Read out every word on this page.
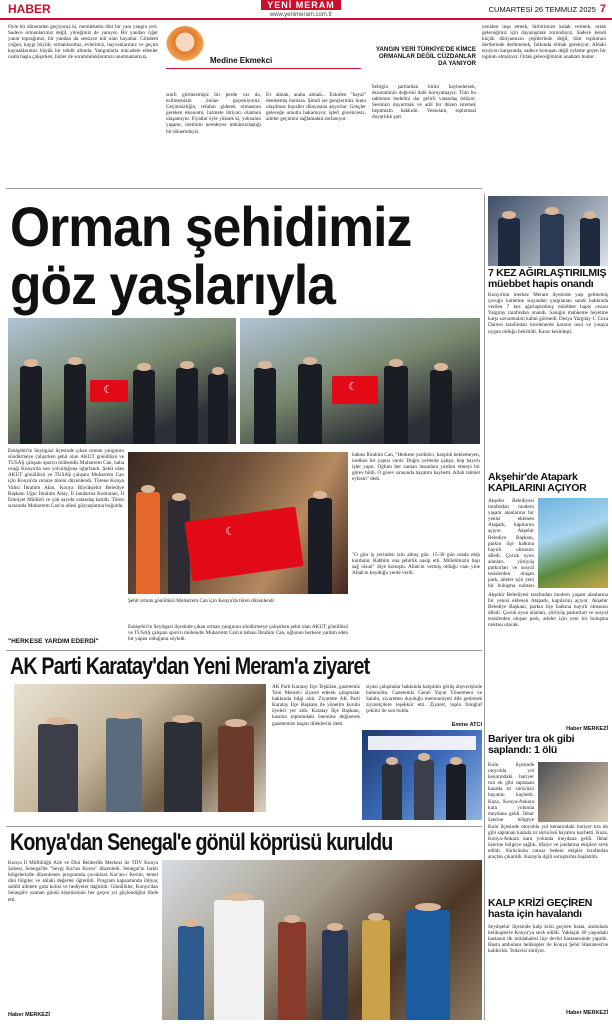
HABER	YENİ MERAM
www.yenimeram.com.tr
CUMARTESİ 26 TEMMUZ 2025 7
Öyle bir dönemden geçiyoruz ki, memleketin dört bir yanı yangın yeri. Sadece ormanlarımız değil, yüreğimiz de yanıyor. Bir yandan ciğer yanar toprağımız, bir yandan da sessizce kül olan hayatlar. Gündem yoğun, kaygı büyük; ormanlarımız, evlerimiz, hayvanlarımız ve geçim kaynaklarımız büyük bir tehdit altında. Yangınlarla mücadele edenler canla başla çalışırken, bizler de sorumluluklarımızı unutmamalıyız.	Medine Ekmekci
YANGIN YERİ TÜRKİYE'DE KİMCE ORMANLAR DEĞİL CÜZDANLAR DA YANIYOR
sınıfı görmezmişiz bir perde var da, ezilmemizin önüne geçemiyoruz. Geçimsizliğin, refahın giderek olmasının gereken ekonomi, hizmete ihtiyacı olanlara ulaşamıyor. Fiyatlar öyle yüksek ki, yoksulun yaşamı, üretimin neredeyse imkânsızlaştığı bir dönemdeyiz.
Ev almak, araba almak... Eskiden "hayal" denmemiş bunlara. Şimdi ise gençlerimiz bunu ulaşılmaz hayaller dünyasına atıyorlar. Gençler geleceğe umutla bakamıyor, işleri güvencesiz, aileler geçimini sağlamakta zorlanıyor.
belirgin şartlardan birini kaybedersek, ekonominin değerini dahi koruyamayız. Tüm bu tablonun bedelini dar gelirli vatandaş ödüyor. Sesimizi duyurmak ve adil bir düzen istemek hepimizin hakkıdır. Vesselam, toplumsal duyarlılık şart.
yeniden inşa etmek, birbirimize kulak vermek, ortak geleceğimiz için dayanışmak zorundayız. Sadece kendi küçük dünyamızın çeşitlerinde değil, tüm toplumun dertlerinde dertlenmek, farkında olmak gerekiyor. Ahlaki erozyon karşısında, sadece konuşan değil eyleme geçen bir toplum olmalıyız. Ortak geleceğimizin anahtarı budur.
Orman şehidimiz göz yaşlarıyla
☾
☾
Eskişehir'in Seyitgazi ilçesinde çıkan orman yangınını söndürmeye çalışırken şehit olan AKUT gönüllüsü ve TUSAŞ çalışanı sporcu mühendis Muharrem Can, baba ocağı Konya'da son yolculuğuna uğurlandı. Şehit olan AKUT gönüllüsü ve TUSAŞ çalışanı Muharrem Can için Konya'da cenaze töreni düzenlendi. Törene Konya Valisi İbrahim Akın, Konya Büyükşehir Belediye Başkanı Uğur İbrahim Altay, İl Jandarma Komutanı, İl Emniyet Müdürü ve çok sayıda vatandaş katıldı. Tören sırasında Muharrem Can'ın ailesi gözyaşlarına boğuldu.
☾
Şehit orman gönüllüsü Muharrem Can için Konya'da tören düzenlendi
Eskişehir'in Seyitgazi ilçesinde çıkan orman yangınını söndürmeye çalışırken şehit olan AKUT gönüllüsü ve TUSAŞ çalışanı sporcu mühendis Muharrem Can'ın babası İbrahim Can, oğlunun herkese yardım eden bir yapısı olduğunu söyledi.
babası İbrahim Can, "Herkese yardımcı, karşılık beklemeyen, üretken bir yapısı vardı. Doğru yerlerde çalıştı, hep hayırlı işler yaptı. Oğlum her zaman insanlara yardım etmeyi bir görev bildi. O görev sırasında hayatını kaybetti. Allah rahmet eylesin" dedi.
"O gün iş yerinden izin almış gün. 15-30 gün orada ekip kurdular. Rabbim ona şehitlik nasip etti. Milletimizin başı sağ olsun" diye konuştu. Allah'ın vermiş olduğu canı yine Allah'ın koyduğu yerde verdi.
"HERKESE YARDIM EDERDİ"
AK Parti Karatay'dan Yeni Meram'a ziyaret
AK Parti Karatay İlçe Teşkilatı, gazetemiz Yeni Meram'ı ziyaret ederek çalışmalar hakkında bilgi aldı. Ziyarette AK Parti Karatay İlçe Başkanı ile yönetim kurulu üyeleri yer aldı. Karatay İlçe Başkanı, basının toplumdaki önemine değinerek gazetemize başarı dileklerini iletti.
siyasi çalışmalar hakkında karşılıklı görüş alışverişinde bulunuldu. Gazetemiz Genel Yayın Yönetmeni ve Sahibi, ziyaretten duyduğu memnuniyeti dile getirerek ziyaretçilere teşekkür etti. Ziyaret, toplu fotoğraf çekimi ile son buldu.
Emine ATCI
Konya'dan Senegal'e gönül köprüsü kuruldu
Konya İl Müftülüğü Aile ve Dini Rehberlik Merkezi ile TDV Konya Şubesi, Senegal'de "Sevgi Kur'an Kursu" düzenledi. Senegal'in farklı bölgelerinde düzenlenen programda çocuklara Kur'an-ı Kerim, temel dini bilgiler ve ahlaki değerler öğretildi. Program kapsamında ihtiyaç sahibi ailelere gıda kolisi ve hediyeler dağıtıldı. Gönüllüler, Konya'dan Senegal'e uzanan gönül köprüsünün her geçen yıl güçlendiğini ifade etti.
Haber MERKEZİ
7 KEZ AĞIRLAŞTIRILMIŞ müebbet hapis onandı
Konya'nın merkez Meram ilçesinde yaşı gelmemiş çocuğu katletme suçundan yargılanan sanık hakkında verilen 7 kez ağırlaştırılmış müebbet hapis cezası Yargıtay tarafından onandı. Sanığın mahkeme heyetine karşı savunmaları kabul görmedi. Dosya Yargıtay 1. Ceza Dairesi tarafından incelenerek kararın usul ve yasaya uygun olduğu belirtildi. Karar kesinleşti.
Akşehir'de Atapark KAPILARINI AÇIYOR
Akşehir Belediyesi tarafından modern yaşam alanlarına bir yenisi eklenen Atapark, kapılarını açıyor. Akşehir Belediye Başkanı, parkın ilçe halkına hayırlı olmasını diledi. Çocuk oyun alanları, yürüyüş parkurları ve sosyal tesislerden oluşan park, aileler için yeni bir buluşma noktası
Akşehir Belediyesi tarafından modern yaşam alanlarına bir yenisi eklenen Atapark, kapılarını açıyor. Akşehir Belediye Başkanı, parkın ilçe halkına hayırlı olmasını diledi. Çocuk oyun alanları, yürüyüş parkurları ve sosyal tesislerden oluşan park, aileler için yeni bir buluşma noktası olacak.
Haber MERKEZİ
Bariyer tıra ok gibi saplandı: 1 ölü
Kulu ilçesinde otoyolda yol kenarındaki bariyer tıra ok gibi saplanan kazada tır sürücüsü hayatını kaybetti. Kaza, Konya-Ankara kara yolunda meydana geldi. İhbar üzerine bölgeye
Kulu ilçesinde otoyolda yol kenarındaki bariyer tıra ok gibi saplanan kazada tır sürücüsü hayatını kaybetti. Kaza, Konya-Ankara kara yolunda meydana geldi. İhbar üzerine bölgeye sağlık, itfaiye ve jandarma ekipleri sevk edildi. Sürücünün cansız bedeni ekipler tarafından araçtan çıkarıldı. Kazayla ilgili soruşturma başlatıldı.
KALP KRİZİ GEÇİREN hasta için havalandı
Seydişehir ilçesinde kalp krizi geçiren hasta, ambulans helikopterle Konya'ya sevk edildi. Yaklaşık 40 yaşındaki hastanın ilk müdahalesi ilçe devlet hastanesinde yapıldı. Hasta ambulans helikopter ile Konya Şehir Hastanesi'ne kaldırıldı. Tedavisi sürüyor.
Haber MERKEZİ
